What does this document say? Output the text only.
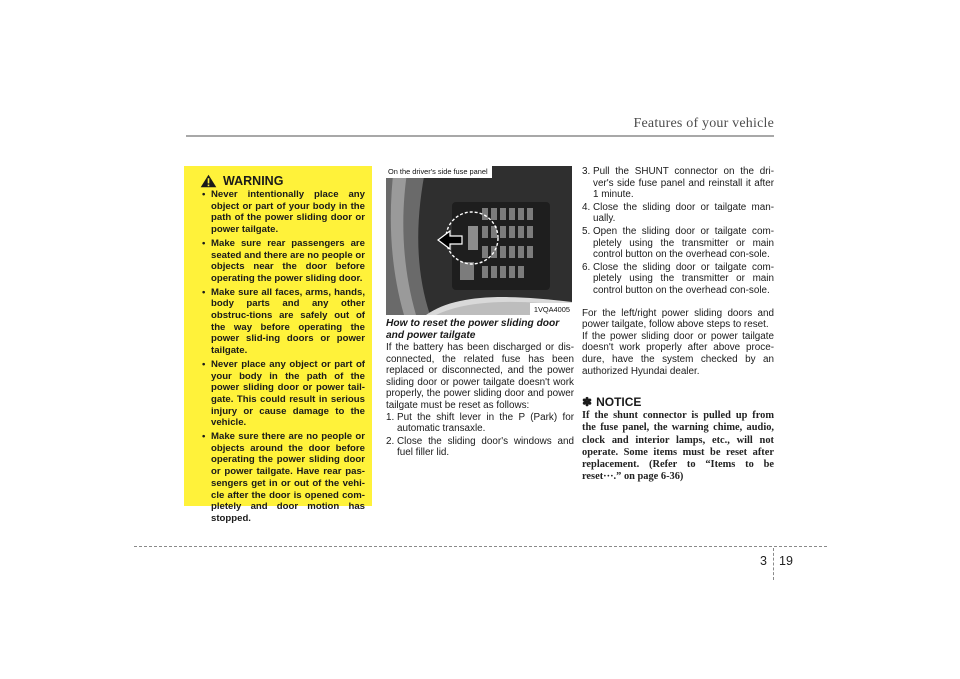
Features of your vehicle
WARNING
• Never intentionally place any object or part of your body in the path of the power sliding door or power tailgate.
• Make sure rear passengers are seated and there are no people or objects near the door before operating the power sliding door.
• Make sure all faces, arms, hands, body parts and any other obstruc-tions are safely out of the way before operating the power slid-ing doors or power tailgate.
• Never place any object or part of your body in the path of the power sliding door or power tail-gate. This could result in serious injury or cause damage to the vehicle.
• Make sure there are no people or objects around the door before operating the power sliding door or power tailgate. Have rear pas-sengers get in or out of the vehi-cle after the door is opened com-pletely and door motion has stopped.
On the driver's side fuse panel
1VQA4005

How to reset the power sliding door and power tailgate

If the battery has been discharged or dis-connected, the related fuse has been replaced or disconnected, and the power sliding door or power tailgate doesn't work properly, the power sliding door and power tailgate must be reset as follows:

1. Put the shift lever in the P (Park) for automatic transaxle.
2. Close the sliding door's windows and fuel filler lid.
3. Pull the SHUNT connector on the dri-ver's side fuse panel and reinstall it after 1 minute.
4. Close the sliding door or tailgate man-ually.
5. Open the sliding door or tailgate com-pletely using the transmitter or main control button on the overhead con-sole.
6. Close the sliding door or tailgate com-pletely using the transmitter or main control button on the overhead con-sole.

For the left/right power sliding doors and power tailgate, follow above steps to reset.

If the power sliding door or power tailgate doesn't work properly after above proce-dure, have the system checked by an authorized Hyundai dealer.

✽ NOTICE

If the shunt connector is pulled up from the fuse panel, the warning chime, audio, clock and interior lamps, etc., will not operate. Some items must be reset after replacement. (Refer to “Items to be reset···.” on page 6-36)

3 19
